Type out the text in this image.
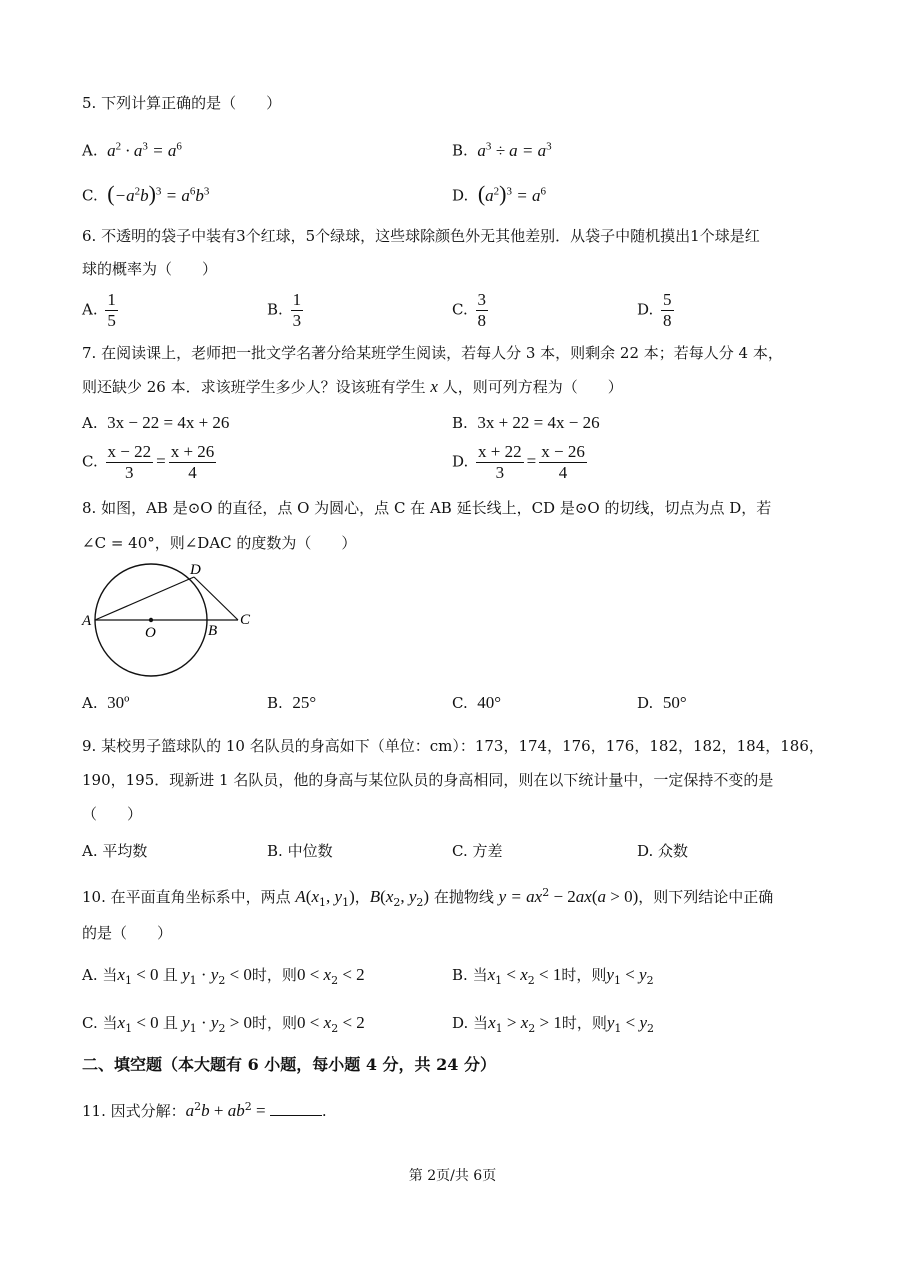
5. 下列计算正确的是（　　）
A. $a^2 \cdot a^3 = a^6$	B. $a^3 \div a = a^3$
C. $(-a^2b)^3 = a^6b^3$	D. $(a^2)^3 = a^6$
6. 不透明的袋子中装有3个红球，5个绿球，这些球除颜色外无其他差别．从袋子中随机摸出1个球是红
球的概率为（　　）
A. $\frac{1}{5}$	B. $\frac{1}{3}$	C. $\frac{3}{8}$	D. $\frac{5}{8}$
7. 在阅读课上，老师把一批文学名著分给某班学生阅读，若每人分 3 本，则剩余 22 本；若每人分 4 本，
则还缺少 26 本．求该班学生多少人？设该班有学生 x 人，则可列方程为（　　）
A. 3x − 22 = 4x + 26	B. 3x + 22 = 4x − 26
C. $\frac{x - 22}{3} = \frac{x + 26}{4}$	D. $\frac{x + 22}{3} = \frac{x - 26}{4}$
8. 如图，AB 是⊙O 的直径，点 O 为圆心，点 C 在 AB 延长线上，CD 是⊙O 的切线，切点为点 D，若
∠C = 40°，则∠DAC 的度数为（　　）
A
O	B
C
D
A. 30º	B. 25°	C. 40°	D. 50°
9. 某校男子篮球队的 10 名队员的身高如下（单位：cm）：173，174，176，176，182，182，184，186，
190，195．现新进 1 名队员，他的身高与某位队员的身高相同，则在以下统计量中，一定保持不变的是
（　　）
A. 平均数	B. 中位数	C. 方差	D. 众数
10. 在平面直角坐标系中，两点 $A(x_1$, $y_1$)，$B(x_2$, $y_2$) 在抛物线 $y = ax^2 - 2ax(a > 0)$，则下列结论中正确
的是（　　）
A. 当$x_1 < 0$ 且 $y_1 \cdot y_2 < 0$时，则$0 < x_2 < 2$	B. 当$x_1 < x_2 < 1$时，则$y_1 < y_2$
C. 当$x_1 < 0$ 且 $y_1 \cdot y_2 > 0$时，则$0 < x_2 < 2$	D. 当$x_1 > x_2 > 1$时，则$y_1 < y_2$
二、填空题（本大题有 6 小题，每小题 4 分，共 24 分）
11. 因式分解：$a^2b + ab^2$ =	.
第 2页/共 6页
